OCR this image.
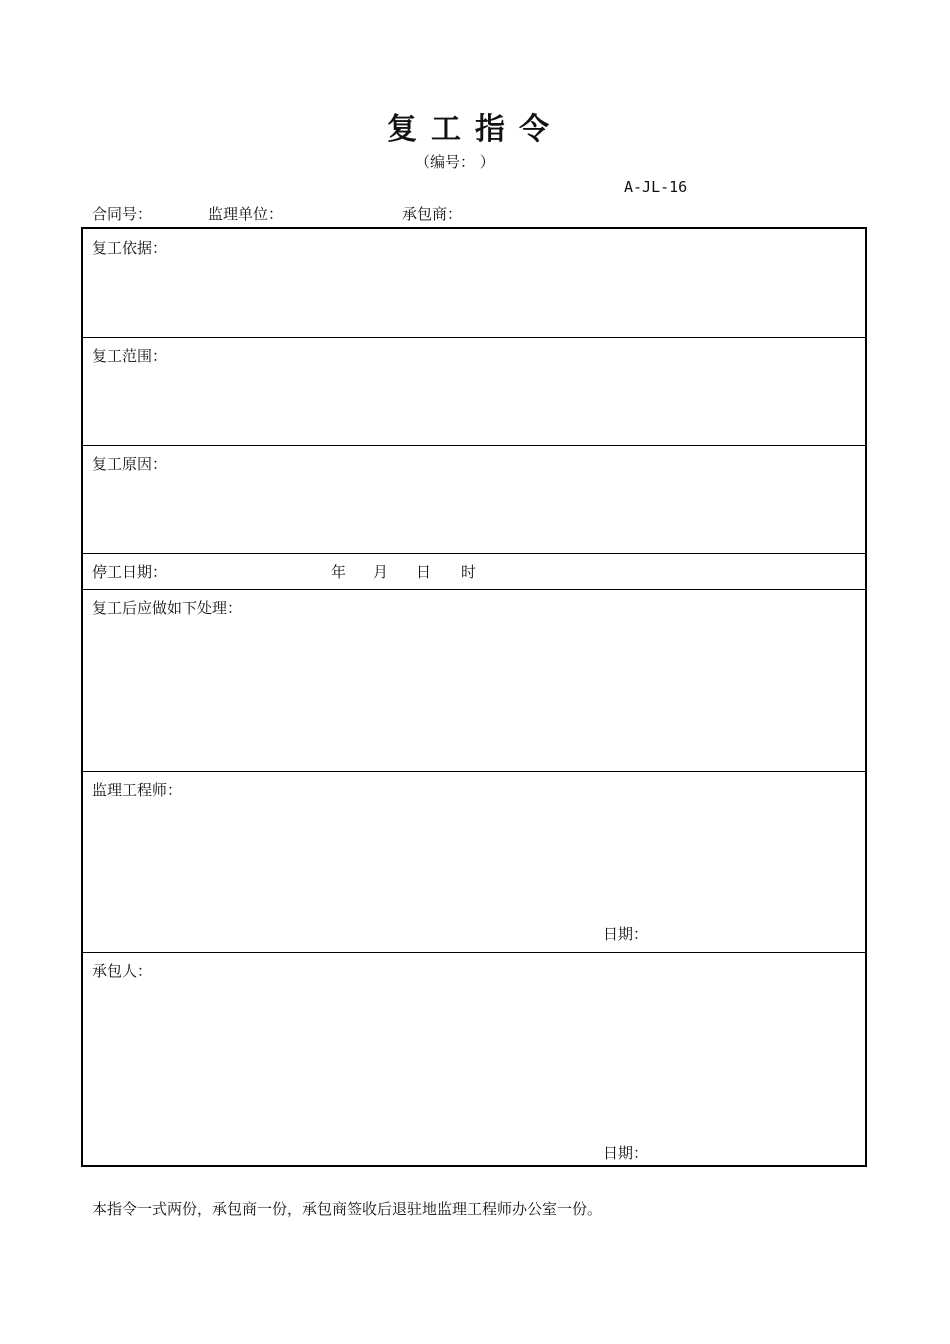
复工指令
（编号： ）
A-JL-16
合同号：	监理单位：	承包商：
复工依据：
复工范围：
复工原因：
停工日期：	年 月 日 时
复工后应做如下处理：
监理工程师：
日期：
承包人：
日期：
本指令一式两份，承包商一份，承包商签收后退驻地监理工程师办公室一份。
